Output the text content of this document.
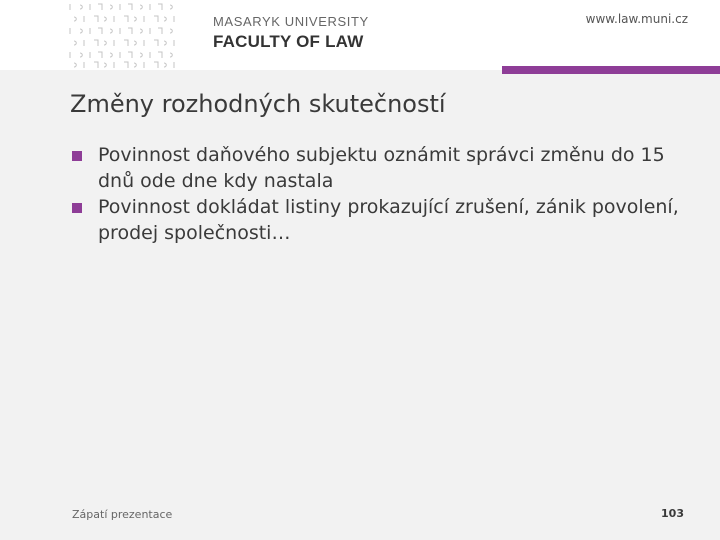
MASARYK UNIVERSITY
FACULTY OF LAW
www.law.muni.cz
Změny rozhodných skutečností
Povinnost daňového subjektu oznámit správci změnu do 15 dnů ode dne kdy nastala
Povinnost dokládat listiny prokazující zrušení, zánik povolení, prodej společnosti…
Zápatí prezentace	103
